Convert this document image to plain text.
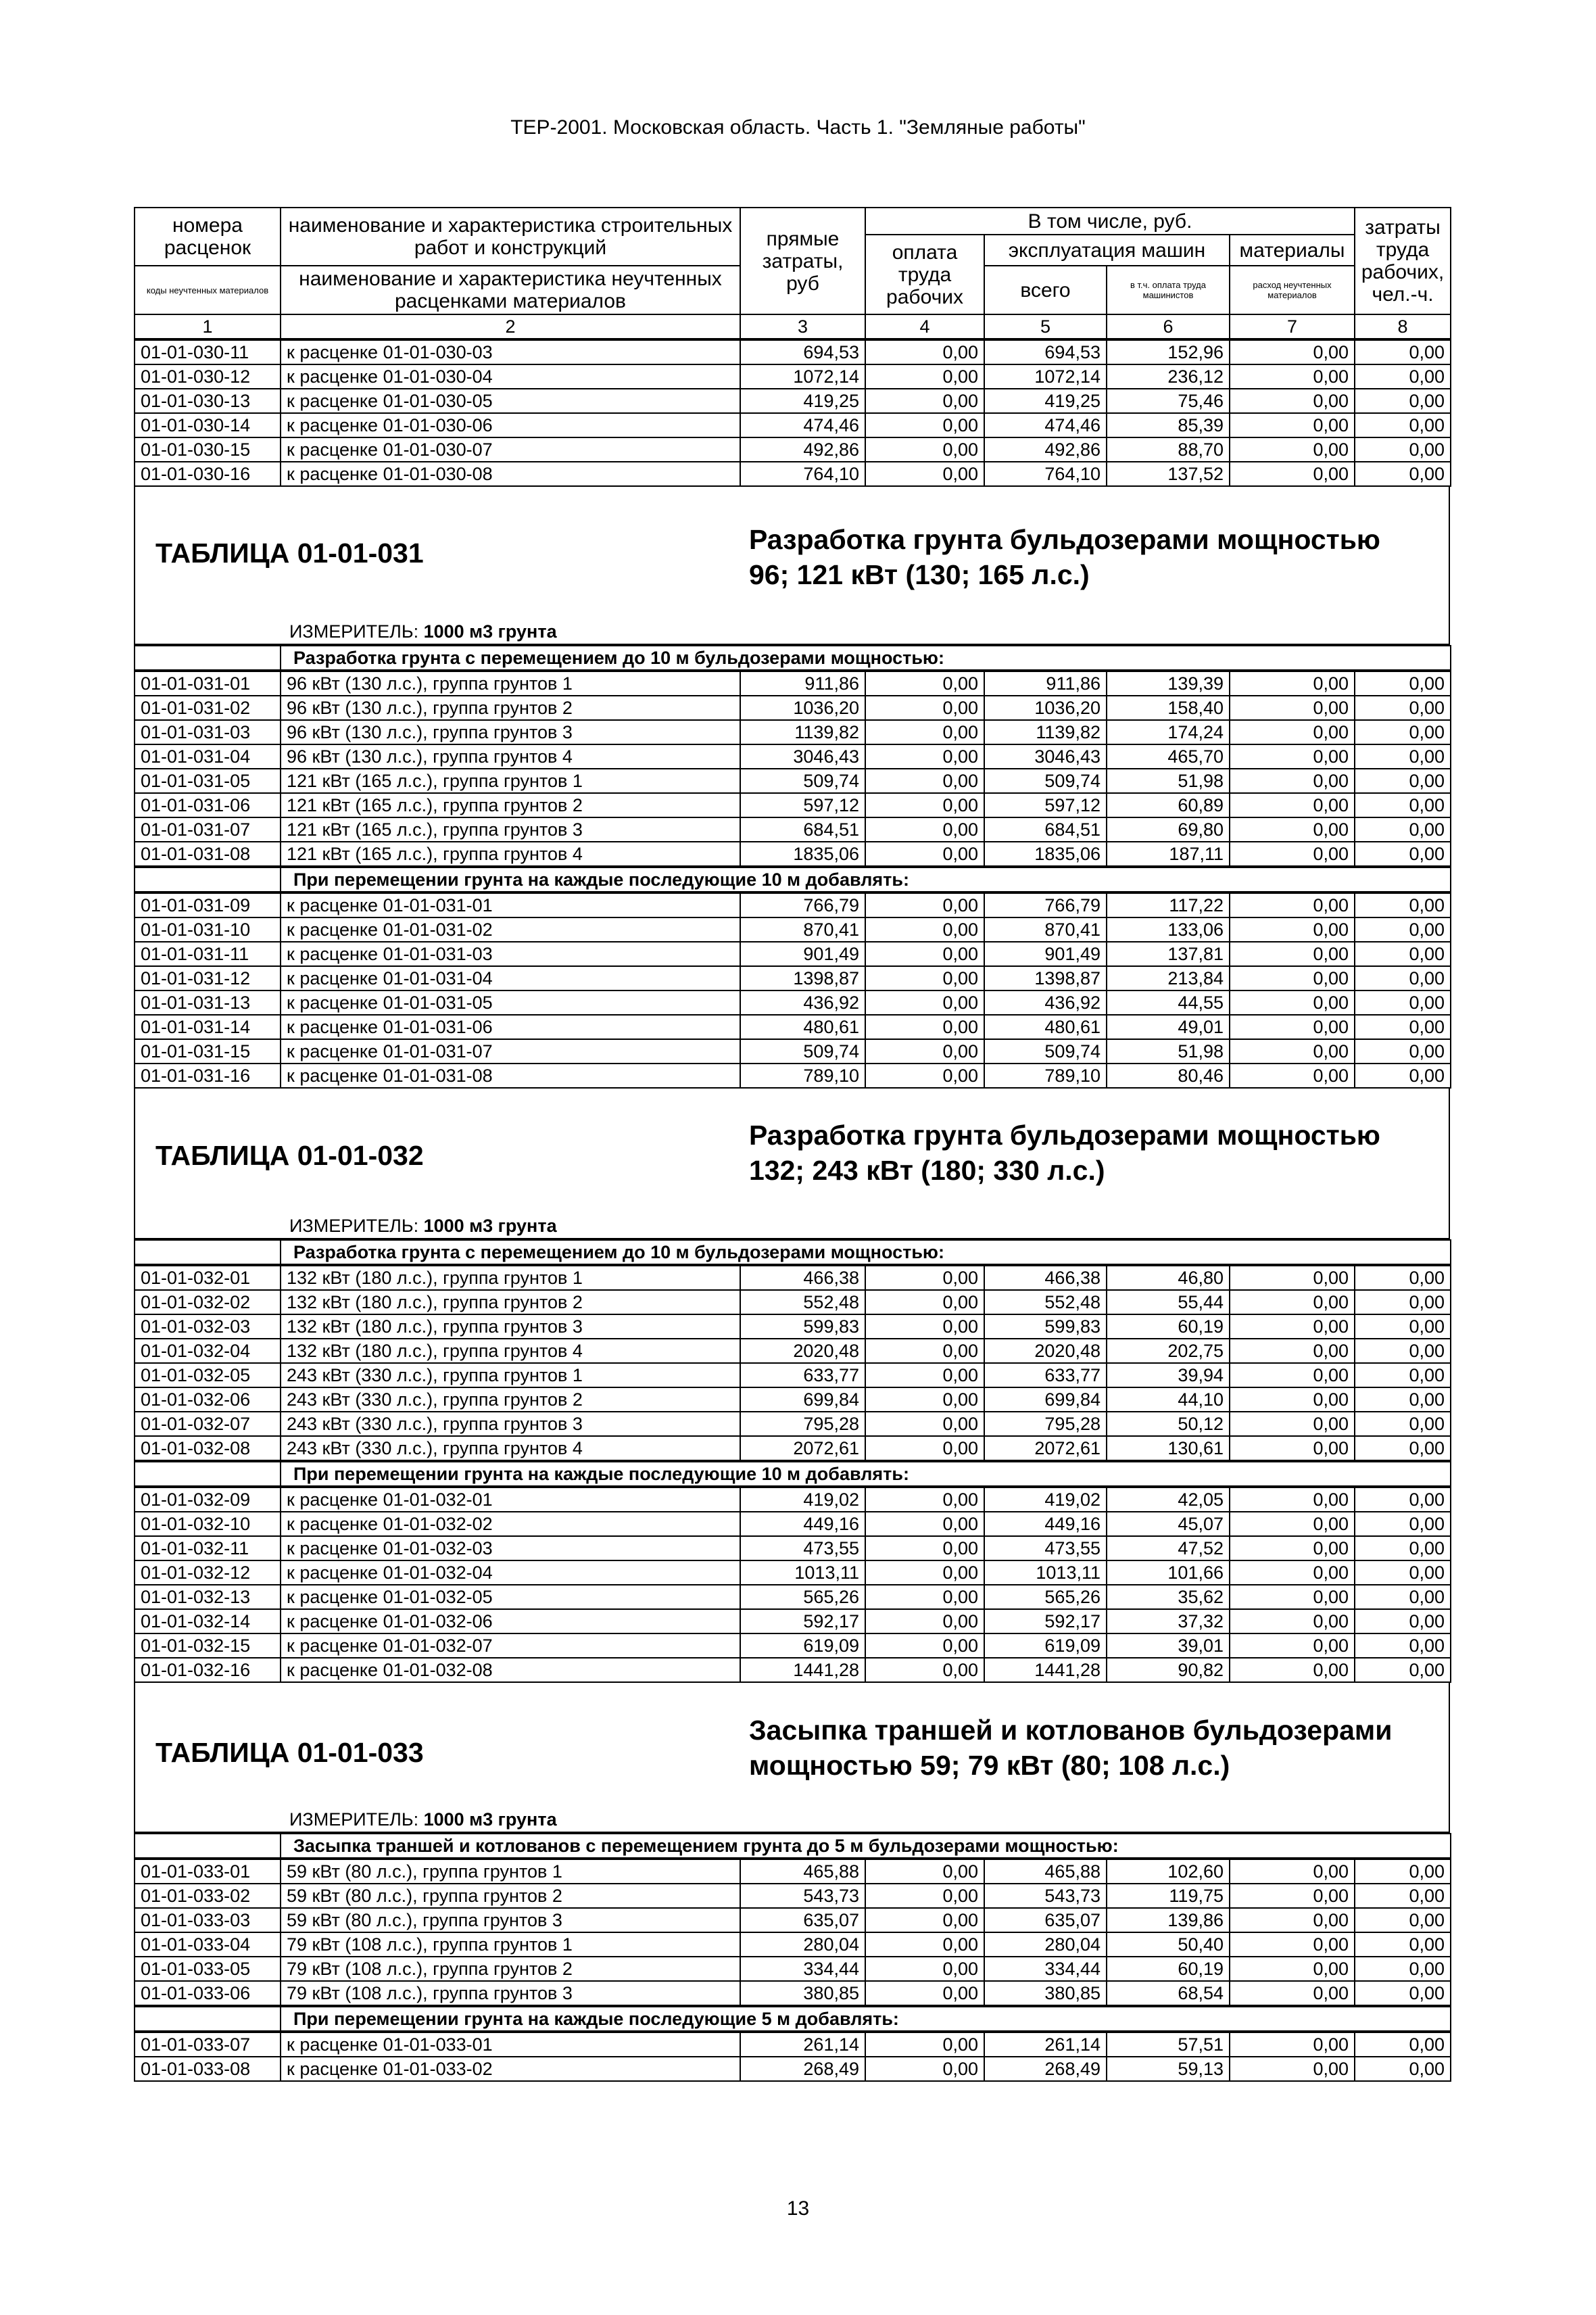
ТЕР-2001. Московская область. Часть 1. "Земляные работы"
номера расценок	наименование и характеристика строительных работ и конструкций	прямые затраты, руб	В том числе, руб.				затраты труда рабочих, чел.-ч.
			оплата труда рабочих	эксплуатация машин		материалы	
коды неучтенных материалов	наименование и характеристика неучтенных расценками материалов			всего	в т.ч. оплата труда машинистов	расход неучтенных материалов	

1	2	3	4	5	6	7	8
01-01-030-11	к расценке 01-01-030-03	694,53	0,00	694,53	152,96	0,00	0,00
01-01-030-12	к расценке 01-01-030-04	1072,14	0,00	1072,14	236,12	0,00	0,00
01-01-030-13	к расценке 01-01-030-05	419,25	0,00	419,25	75,46	0,00	0,00
01-01-030-14	к расценке 01-01-030-06	474,46	0,00	474,46	85,39	0,00	0,00
01-01-030-15	к расценке 01-01-030-07	492,86	0,00	492,86	88,70	0,00	0,00
01-01-030-16	к расценке 01-01-030-08	764,10	0,00	764,10	137,52	0,00	0,00
ТАБЛИЦА 01-01-031	Разработка грунта бульдозерами мощностью
96; 121 кВт (130; 165 л.с.)
ИЗМЕРИТЕЛЬ: 1000 м3 грунта
	Разработка грунта с перемещением до 10 м бульдозерами мощностью:
01-01-031-01	96 кВт (130 л.с.), группа грунтов 1	911,86	0,00	911,86	139,39	0,00	0,00
01-01-031-02	96 кВт (130 л.с.), группа грунтов 2	1036,20	0,00	1036,20	158,40	0,00	0,00
01-01-031-03	96 кВт (130 л.с.), группа грунтов 3	1139,82	0,00	1139,82	174,24	0,00	0,00
01-01-031-04	96 кВт (130 л.с.), группа грунтов 4	3046,43	0,00	3046,43	465,70	0,00	0,00
01-01-031-05	121 кВт (165 л.с.), группа грунтов 1	509,74	0,00	509,74	51,98	0,00	0,00
01-01-031-06	121 кВт (165 л.с.), группа грунтов 2	597,12	0,00	597,12	60,89	0,00	0,00
01-01-031-07	121 кВт (165 л.с.), группа грунтов 3	684,51	0,00	684,51	69,80	0,00	0,00
01-01-031-08	121 кВт (165 л.с.), группа грунтов 4	1835,06	0,00	1835,06	187,11	0,00	0,00
	При перемещении грунта на каждые последующие 10 м добавлять:
01-01-031-09	к расценке 01-01-031-01	766,79	0,00	766,79	117,22	0,00	0,00
01-01-031-10	к расценке 01-01-031-02	870,41	0,00	870,41	133,06	0,00	0,00
01-01-031-11	к расценке 01-01-031-03	901,49	0,00	901,49	137,81	0,00	0,00
01-01-031-12	к расценке 01-01-031-04	1398,87	0,00	1398,87	213,84	0,00	0,00
01-01-031-13	к расценке 01-01-031-05	436,92	0,00	436,92	44,55	0,00	0,00
01-01-031-14	к расценке 01-01-031-06	480,61	0,00	480,61	49,01	0,00	0,00
01-01-031-15	к расценке 01-01-031-07	509,74	0,00	509,74	51,98	0,00	0,00
01-01-031-16	к расценке 01-01-031-08	789,10	0,00	789,10	80,46	0,00	0,00
ТАБЛИЦА 01-01-032
Разработка грунта бульдозерами мощностью
132; 243 кВт (180; 330 л.с.)
ИЗМЕРИТЕЛЬ: 1000 м3 грунта
	Разработка грунта с перемещением до 10 м бульдозерами мощностью:
01-01-032-01	132 кВт (180 л.с.), группа грунтов 1	466,38	0,00	466,38	46,80	0,00	0,00
01-01-032-02	132 кВт (180 л.с.), группа грунтов 2	552,48	0,00	552,48	55,44	0,00	0,00
01-01-032-03	132 кВт (180 л.с.), группа грунтов 3	599,83	0,00	599,83	60,19	0,00	0,00
01-01-032-04	132 кВт (180 л.с.), группа грунтов 4	2020,48	0,00	2020,48	202,75	0,00	0,00
01-01-032-05	243 кВт (330 л.с.), группа грунтов 1	633,77	0,00	633,77	39,94	0,00	0,00
01-01-032-06	243 кВт (330 л.с.), группа грунтов 2	699,84	0,00	699,84	44,10	0,00	0,00
01-01-032-07	243 кВт (330 л.с.), группа грунтов 3	795,28	0,00	795,28	50,12	0,00	0,00
01-01-032-08	243 кВт (330 л.с.), группа грунтов 4	2072,61	0,00	2072,61	130,61	0,00	0,00
	При перемещении грунта на каждые последующие 10 м добавлять:
01-01-032-09	к расценке 01-01-032-01	419,02	0,00	419,02	42,05	0,00	0,00
01-01-032-10	к расценке 01-01-032-02	449,16	0,00	449,16	45,07	0,00	0,00
01-01-032-11	к расценке 01-01-032-03	473,55	0,00	473,55	47,52	0,00	0,00
01-01-032-12	к расценке 01-01-032-04	1013,11	0,00	1013,11	101,66	0,00	0,00
01-01-032-13	к расценке 01-01-032-05	565,26	0,00	565,26	35,62	0,00	0,00
01-01-032-14	к расценке 01-01-032-06	592,17	0,00	592,17	37,32	0,00	0,00
01-01-032-15	к расценке 01-01-032-07	619,09	0,00	619,09	39,01	0,00	0,00
01-01-032-16	к расценке 01-01-032-08	1441,28	0,00	1441,28	90,82	0,00	0,00
ТАБЛИЦА 01-01-033
Засыпка траншей и котлованов бульдозерами
мощностью 59; 79 кВт (80; 108 л.с.)
ИЗМЕРИТЕЛЬ: 1000 м3 грунта
	Засыпка траншей и котлованов с перемещением грунта до 5 м бульдозерами мощностью:
01-01-033-01	59 кВт (80 л.с.), группа грунтов 1	465,88	0,00	465,88	102,60	0,00	0,00
01-01-033-02	59 кВт (80 л.с.), группа грунтов 2	543,73	0,00	543,73	119,75	0,00	0,00
01-01-033-03	59 кВт (80 л.с.), группа грунтов 3	635,07	0,00	635,07	139,86	0,00	0,00
01-01-033-04	79 кВт (108 л.с.), группа грунтов 1	280,04	0,00	280,04	50,40	0,00	0,00
01-01-033-05	79 кВт (108 л.с.), группа грунтов 2	334,44	0,00	334,44	60,19	0,00	0,00
01-01-033-06	79 кВт (108 л.с.), группа грунтов 3	380,85	0,00	380,85	68,54	0,00	0,00
	При перемещении грунта на каждые последующие 5 м добавлять:
01-01-033-07	к расценке 01-01-033-01	261,14	0,00	261,14	57,51	0,00	0,00
01-01-033-08	к расценке 01-01-033-02	268,49	0,00	268,49	59,13	0,00	0,00
13
